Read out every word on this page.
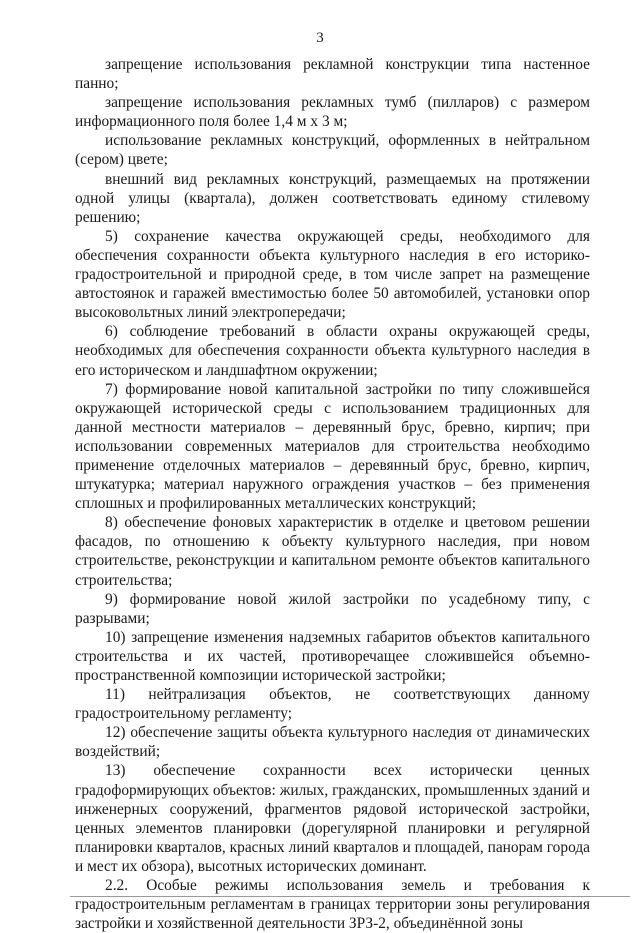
3

запрещение использования рекламной конструкции типа настенное панно;

запрещение использования рекламных тумб (пилларов) с размером информационного поля более 1,4 м х 3 м;

использование рекламных конструкций, оформленных в нейтральном (сером) цвете;

внешний вид рекламных конструкций, размещаемых на протяжении одной улицы (квартала), должен соответствовать единому стилевому решению;

5) сохранение качества окружающей среды, необходимого для обеспечения сохранности объекта культурного наследия в его историко-градостроительной и природной среде, в том числе запрет на размещение автостоянок и гаражей вместимостью более 50 автомобилей, установки опор высоковольтных линий электропередачи;

6) соблюдение требований в области охраны окружающей среды, необходимых для обеспечения сохранности объекта культурного наследия в его историческом и ландшафтном окружении;

7) формирование новой капитальной застройки по типу сложившейся окружающей исторической среды с использованием традиционных для данной местности материалов – деревянный брус, бревно, кирпич; при использовании современных материалов для строительства необходимо применение отделочных материалов – деревянный брус, бревно, кирпич, штукатурка; материал наружного ограждения участков – без применения сплошных и профилированных металлических конструкций;

8) обеспечение фоновых характеристик в отделке и цветовом решении фасадов, по отношению к объекту культурного наследия, при новом строительстве, реконструкции и капитальном ремонте объектов капитального строительства;

9) формирование новой жилой застройки по усадебному типу, с разрывами;

10) запрещение изменения надземных габаритов объектов капитального строительства и их частей, противоречащее сложившейся объемно-пространственной композиции исторической застройки;

11) нейтрализация объектов, не соответствующих данному градостроительному регламенту;

12) обеспечение защиты объекта культурного наследия от динамических воздействий;

13) обеспечение сохранности всех исторически ценных градоформирующих объектов: жилых, гражданских, промышленных зданий и инженерных сооружений, фрагментов рядовой исторической застройки, ценных элементов планировки (дорегулярной планировки и регулярной планировки кварталов, красных линий кварталов и площадей, панорам города и мест их обзора), высотных исторических доминант.

2.2. Особые режимы использования земель и требования к градостроительным регламентам в границах территории зоны регулирования застройки и хозяйственной деятельности ЗРЗ-2, объединённой зоны
